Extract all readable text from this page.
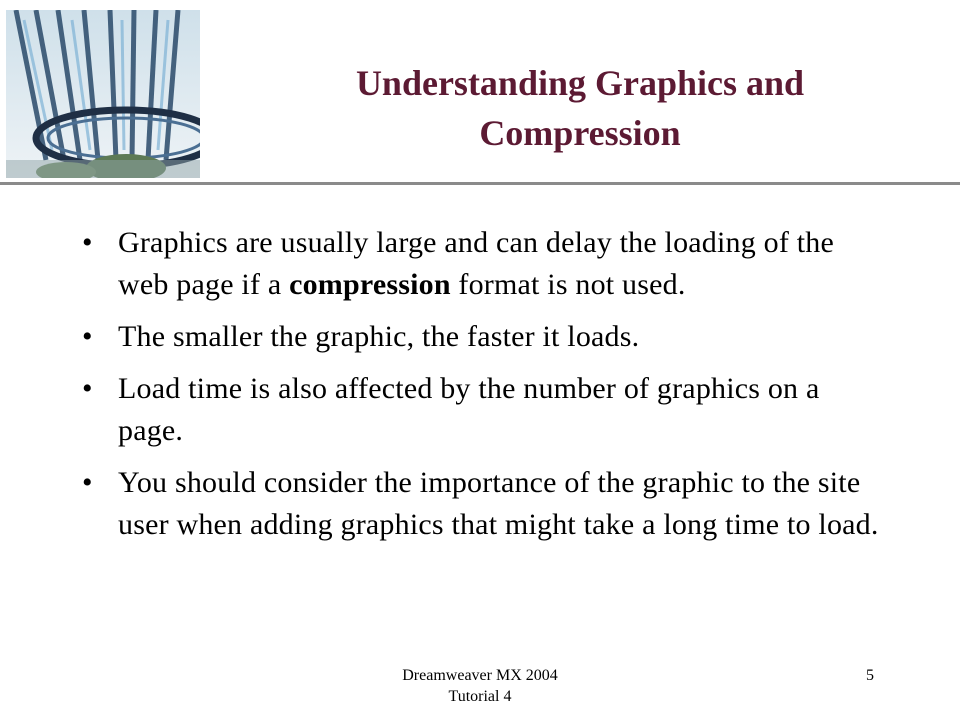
Understanding Graphics and
Compression
• Graphics are usually large and can delay the loading of the web page if a compression format is not used.
• The smaller the graphic, the faster it loads.
• Load time is also affected by the number of graphics on a page.
• You should consider the importance of the graphic to the site user when adding graphics that might take a long time to load.
Dreamweaver MX 2004
Tutorial 4
5
